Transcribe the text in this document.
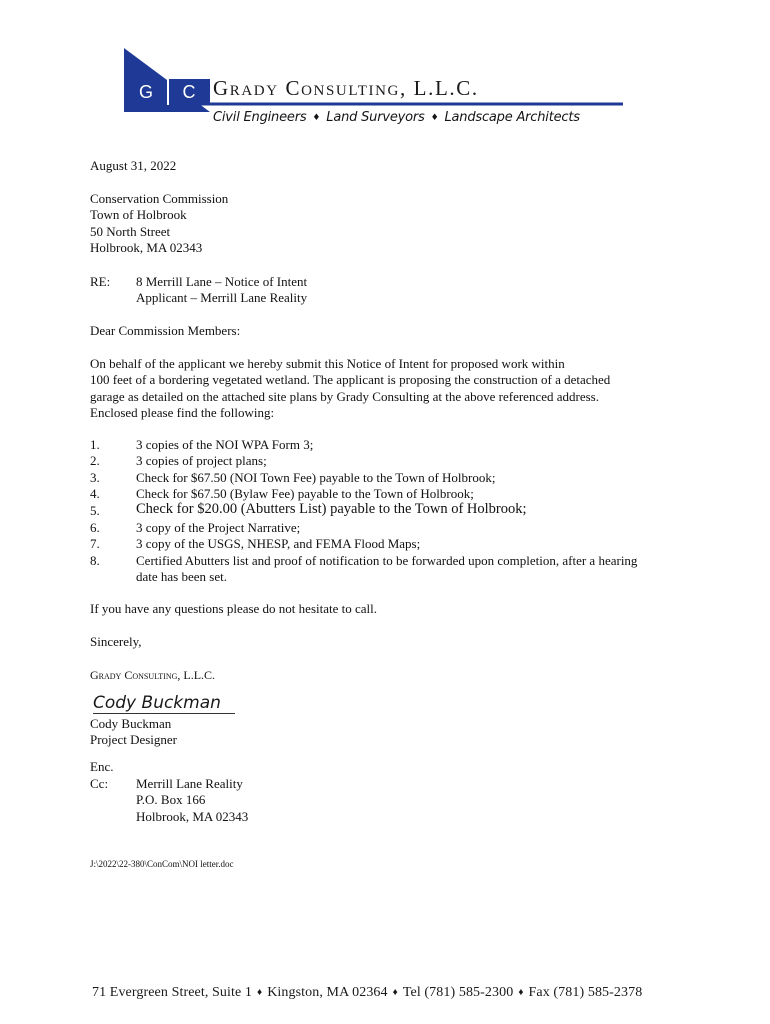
G C Grady Consulting, L.L.C.
Civil Engineers ♦ Land Surveyors ♦ Landscape Architects
August 31, 2022
Conservation Commission
Town of Holbrook
50 North Street
Holbrook, MA 02343
RE: 8 Merrill Lane – Notice of Intent
Applicant – Merrill Lane Reality
Dear Commission Members:
On behalf of the applicant we hereby submit this Notice of Intent for proposed work within
100 feet of a bordering vegetated wetland. The applicant is proposing the construction of a detached
garage as detailed on the attached site plans by Grady Consulting at the above referenced address.
Enclosed please find the following:
1.	3 copies of the NOI WPA Form 3;
2.	3 copies of project plans;
3.	Check for $67.50 (NOI Town Fee) payable to the Town of Holbrook;
4.	Check for $67.50 (Bylaw Fee) payable to the Town of Holbrook;
5.	Check for $20.00 (Abutters List) payable to the Town of Holbrook;
6.	3 copy of the Project Narrative;
7.	3 copy of the USGS, NHESP, and FEMA Flood Maps;
8.	Certified Abutters list and proof of notification to be forwarded upon completion, after a hearing
date has been set.
If you have any questions please do not hesitate to call.
Sincerely,
Grady Consulting, L.L.C.
Cody Buckman
Cody Buckman
Project Designer
Enc.
Cc: Merrill Lane Reality
P.O. Box 166
Holbrook, MA 02343
J:\2022\22-380\ConCom\NOI letter.doc
71 Evergreen Street, Suite 1 ♦ Kingston, MA 02364 ♦ Tel (781) 585-2300 ♦ Fax (781) 585-2378
